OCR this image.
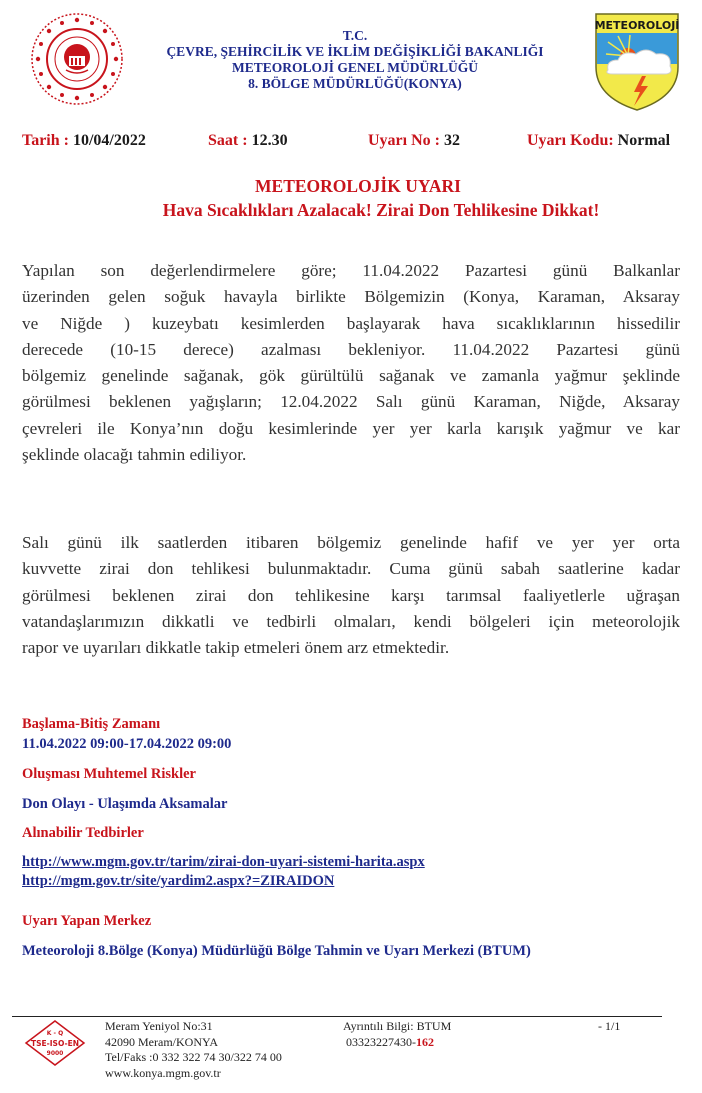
T.C.
ÇEVRE, ŞEHİRCİLİK VE İKLİM DEĞİŞİKLİĞİ BAKANLIĞI
METEOROLOJİ GENEL MÜDÜRLÜĞÜ
8. BÖLGE MÜDÜRLÜĞÜ(KONYA)
METEOROLOJİ
Tarih : 10/04/2022	Saat : 12.30	Uyarı No : 32	Uyarı Kodu: Normal
METEOROLOJİK UYARI
Hava Sıcaklıkları Azalacak! Zirai Don Tehlikesine Dikkat!
Yapılan son değerlendirmelere göre; 11.04.2022 Pazartesi günü Balkanlar
üzerinden gelen soğuk havayla birlikte Bölgemizin (Konya, Karaman, Aksaray
ve Niğde ) kuzeybatı kesimlerden başlayarak hava sıcaklıklarının hissedilir
derecede (10-15 derece) azalması bekleniyor. 11.04.2022 Pazartesi günü
bölgemiz genelinde sağanak, gök gürültülü sağanak ve zamanla yağmur şeklinde
görülmesi beklenen yağışların; 12.04.2022 Salı günü Karaman, Niğde, Aksaray
çevreleri ile Konya’nın doğu kesimlerinde yer yer karla karışık yağmur ve kar
şeklinde olacağı tahmin ediliyor.
Salı günü ilk saatlerden itibaren bölgemiz genelinde hafif ve yer yer orta
kuvvette zirai don tehlikesi bulunmaktadır. Cuma günü sabah saatlerine kadar
görülmesi beklenen zirai don tehlikesine karşı tarımsal faaliyetlerle uğraşan
vatandaşlarımızın dikkatli ve tedbirli olmaları, kendi bölgeleri için meteorolojik
rapor ve uyarıları dikkatle takip etmeleri önem arz etmektedir.
Başlama-Bitiş Zamanı
11.04.2022 09:00-17.04.2022 09:00
Oluşması Muhtemel Riskler
Don Olayı - Ulaşımda Aksamalar
Alınabilir Tedbirler
http://www.mgm.gov.tr/tarim/zirai-don-uyari-sistemi-harita.aspx
http://mgm.gov.tr/site/yardim2.aspx?=ZIRAIDON
Uyarı Yapan Merkez
Meteoroloji 8.Bölge (Konya) Müdürlüğü Bölge Tahmin ve Uyarı Merkezi (BTUM)
K - Q
TSE-ISO-EN
9000
Meram Yeniyol No:31
42090 Meram/KONYA
Tel/Faks :0 332 322 74 30/322 74 00
www.konya.mgm.gov.tr
Ayrıntılı Bilgi: BTUM
03323227430-162
- 1/1
